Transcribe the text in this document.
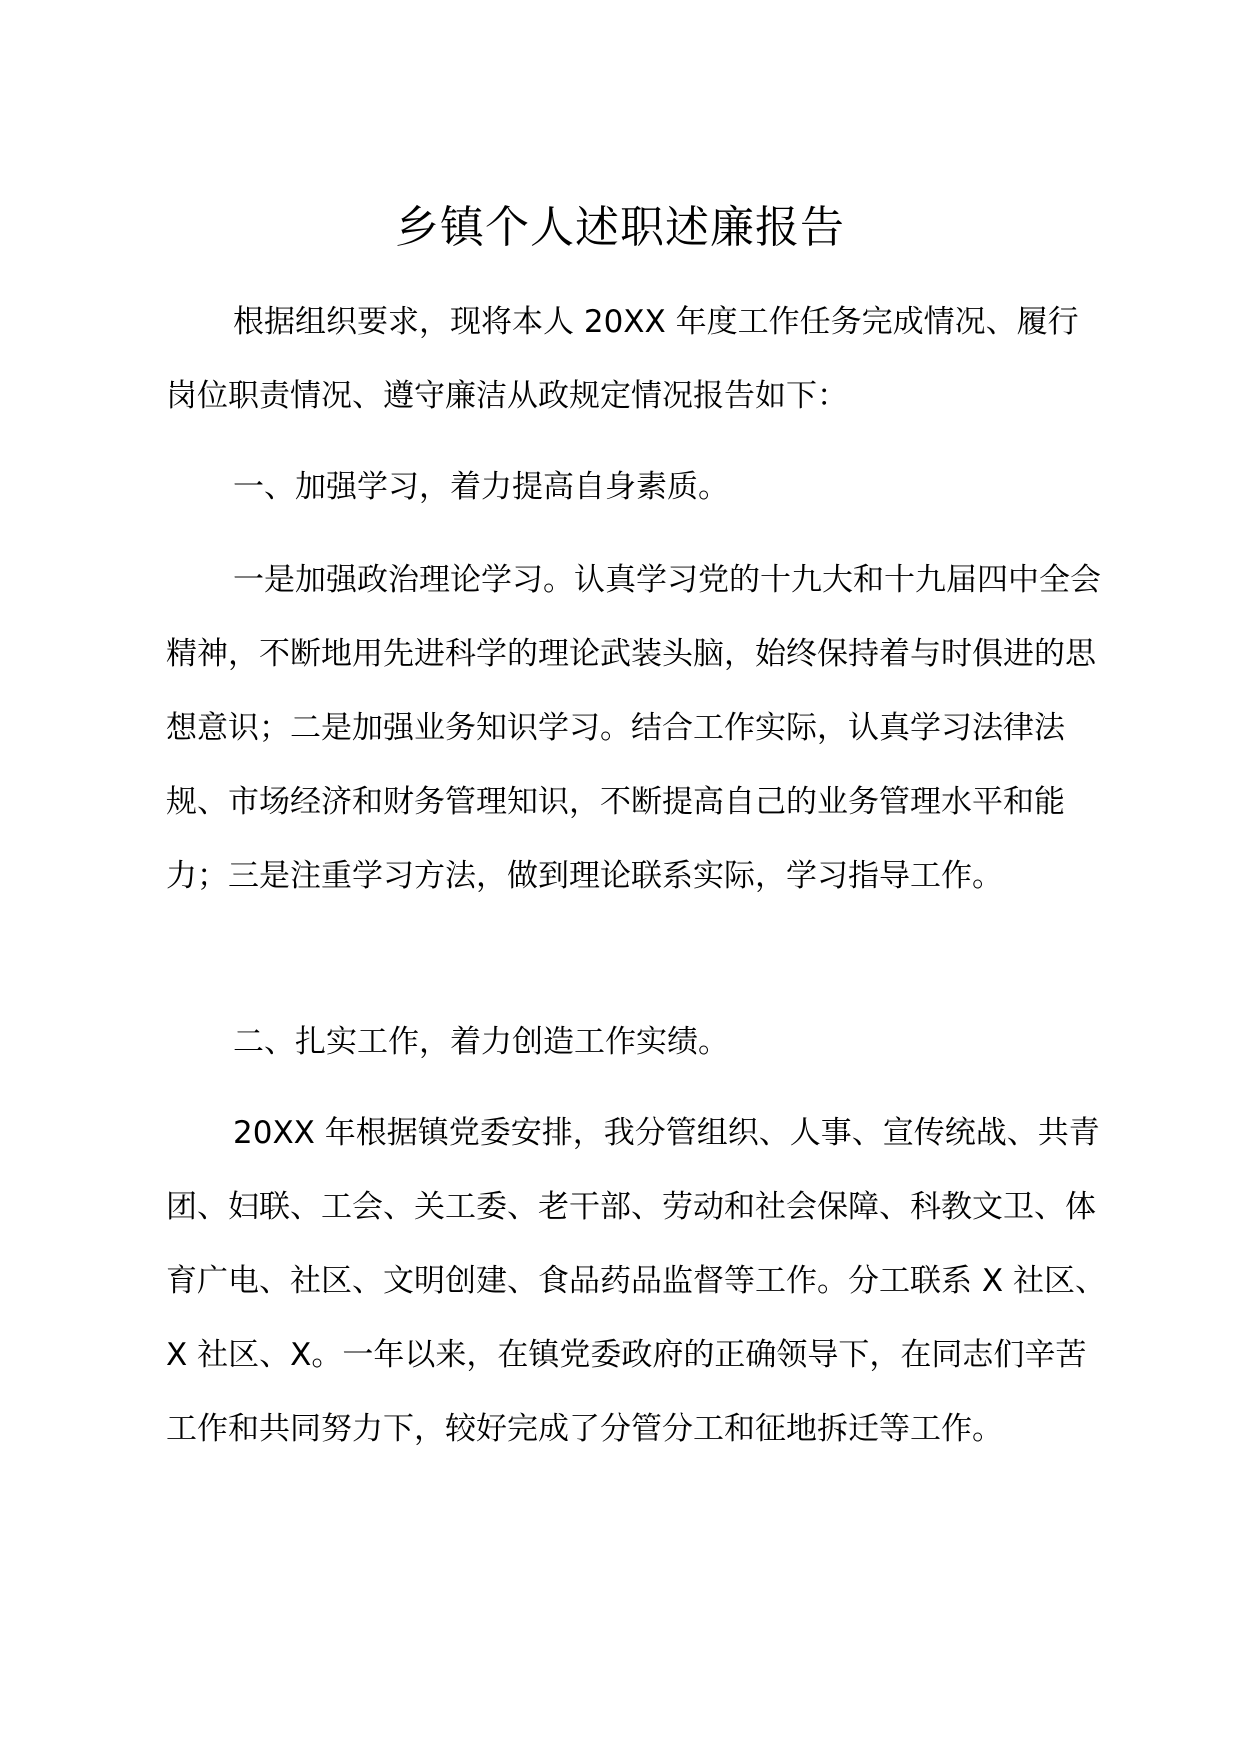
乡镇个人述职述廉报告

根据组织要求，现将本人 20XX 年度工作任务完成情况、履行岗位职责情况、遵守廉洁从政规定情况报告如下：

一、加强学习，着力提高自身素质。

一是加强政治理论学习。认真学习党的十九大和十九届四中全会精神，不断地用先进科学的理论武装头脑，始终保持着与时俱进的思想意识；二是加强业务知识学习。结合工作实际，认真学习法律法规、市场经济和财务管理知识，不断提高自己的业务管理水平和能力；三是注重学习方法，做到理论联系实际，学习指导工作。

二、扎实工作，着力创造工作实绩。

20XX 年根据镇党委安排，我分管组织、人事、宣传统战、共青团、妇联、工会、关工委、老干部、劳动和社会保障、科教文卫、体育广电、社区、文明创建、食品药品监督等工作。分工联系 X 社区、X 社区、X。一年以来，在镇党委政府的正确领导下，在同志们辛苦工作和共同努力下，较好完成了分管分工和征地拆迁等工作。
